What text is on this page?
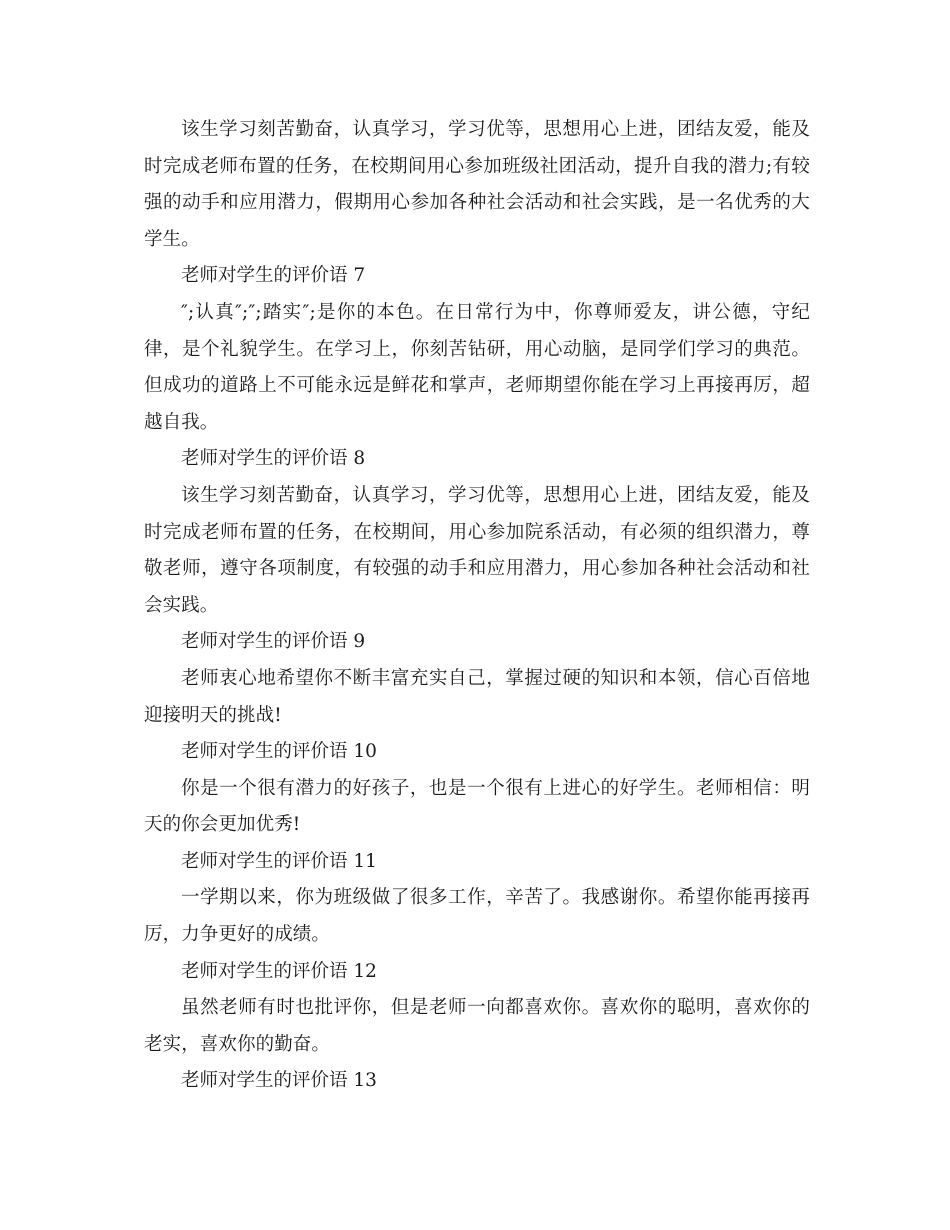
该生学习刻苦勤奋，认真学习，学习优等，思想用心上进，团结友爱，能及时完成老师布置的任务，在校期间用心参加班级社团活动，提升自我的潜力;有较强的动手和应用潜力，假期用心参加各种社会活动和社会实践，是一名优秀的大学生。

老师对学生的评价语 7

″;认真″;″;踏实″;是你的本色。在日常行为中，你尊师爱友，讲公德，守纪律，是个礼貌学生。在学习上，你刻苦钻研，用心动脑，是同学们学习的典范。但成功的道路上不可能永远是鲜花和掌声，老师期望你能在学习上再接再厉，超越自我。

老师对学生的评价语 8

该生学习刻苦勤奋，认真学习，学习优等，思想用心上进，团结友爱，能及时完成老师布置的任务，在校期间，用心参加院系活动，有必须的组织潜力，尊敬老师，遵守各项制度，有较强的动手和应用潜力，用心参加各种社会活动和社会实践。

老师对学生的评价语 9

老师衷心地希望你不断丰富充实自己，掌握过硬的知识和本领，信心百倍地迎接明天的挑战!

老师对学生的评价语 10

你是一个很有潜力的好孩子，也是一个很有上进心的好学生。老师相信：明天的你会更加优秀!

老师对学生的评价语 11

一学期以来，你为班级做了很多工作，辛苦了。我感谢你。希望你能再接再厉，力争更好的成绩。

老师对学生的评价语 12

虽然老师有时也批评你，但是老师一向都喜欢你。喜欢你的聪明，喜欢你的老实，喜欢你的勤奋。

老师对学生的评价语 13
